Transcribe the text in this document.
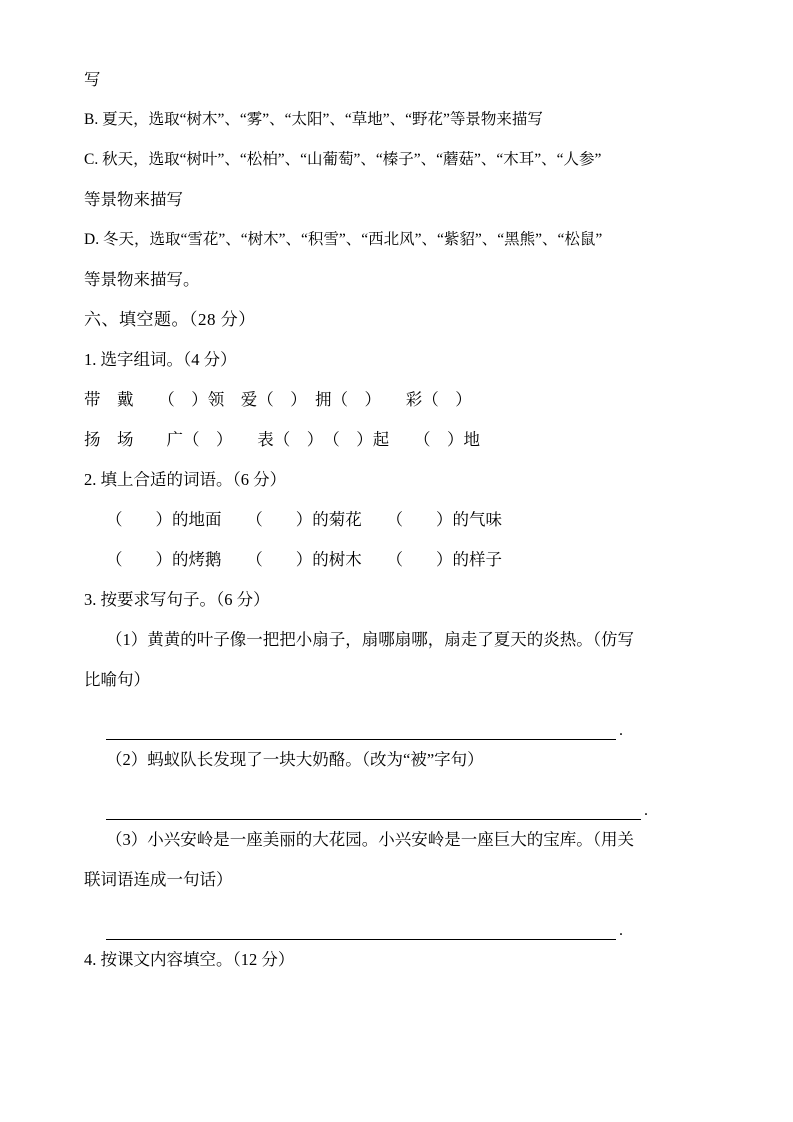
写

B. 夏天，选取“树木”、“雾”、“太阳”、“草地”、“野花”等景物来描写

C. 秋天，选取“树叶”、“松柏”、“山葡萄”、“榛子”、“蘑菇”、“木耳”、“人参”

等景物来描写

D. 冬天，选取“雪花”、“树木”、“积雪”、“西北风”、“紫貂”、“黑熊”、“松鼠”

等景物来描写。

六、填空题。（28 分）

1. 选字组词。（4 分）

带　戴　　（　）领　爱（　）　拥（　）　　彩（　）

扬　场　　广（　）　　表（　）　（　）起　　（　）地

2. 填上合适的词语。（6 分）

（　　）的地面　　（　　）的菊花　　（　　）的气味

（　　）的烤鹅　　（　　）的树木　　（　　）的样子

3. 按要求写句子。（6 分）

（1）黄黄的叶子像一把把小扇子，扇哪扇哪，扇走了夏天的炎热。（仿写

比喻句）

.

（2）蚂蚁队长发现了一块大奶酪。（改为“被”字句）

.

（3）小兴安岭是一座美丽的大花园。小兴安岭是一座巨大的宝库。（用关

联词语连成一句话）

.

4. 按课文内容填空。（12 分）
